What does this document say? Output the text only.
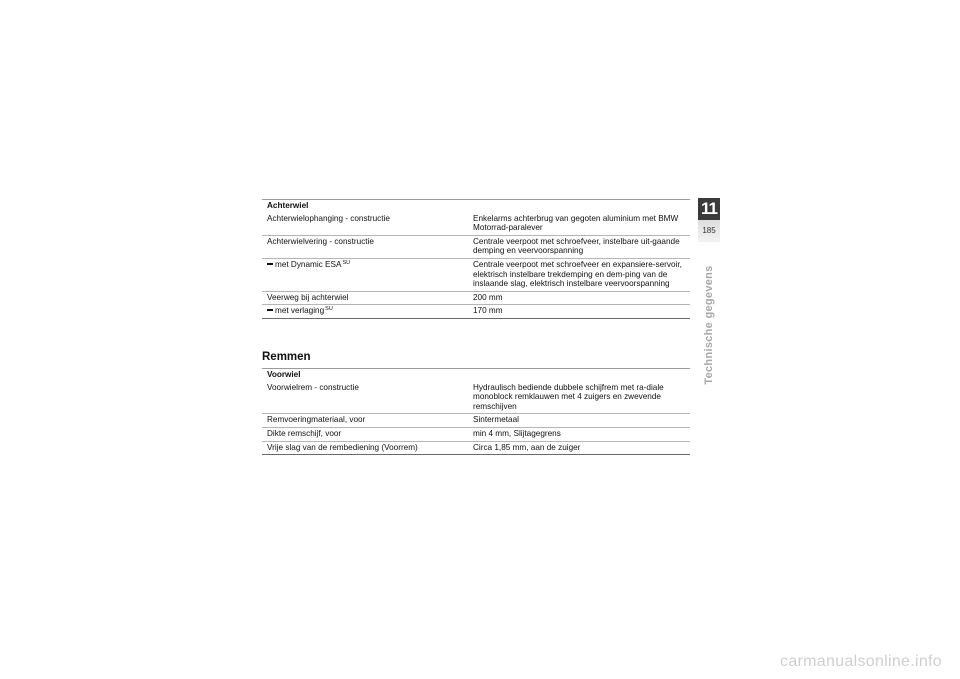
Achterwiel	
Achterwielophanging - constructie	Enkelarms achterbrug van gegoten aluminium met BMW Motorrad-paralever
Achterwielvering - constructie	Centrale veerpoot met schroefveer, instelbare uit-gaande demping en veervoorspanning
met Dynamic $ESA^{SU}$	Centrale veerpoot met schroefveer en expansiere-servoir, elektrisch instelbare trekdemping en dem-ping van de inslaande slag, elektrisch instelbare veervoorspanning
Veerweg bij achterwiel	200 mm
met verlaging$^{SU}$	170 mm
Remmen
Voorwiel	
Voorwielrem - constructie	Hydraulisch bediende dubbele schijfrem met ra-diale monoblock remklauwen met 4 zuigers en zwevende remschijven
Remvoeringmateriaal, voor	Sintermetaal
Dikte remschijf, voor	min 4 mm, Slijtagegrens
Vrije slag van de rembediening (Voorrem)	Circa 1,85 mm, aan de zuiger
11
185
Technische gegevens
carmanualsonline.info
